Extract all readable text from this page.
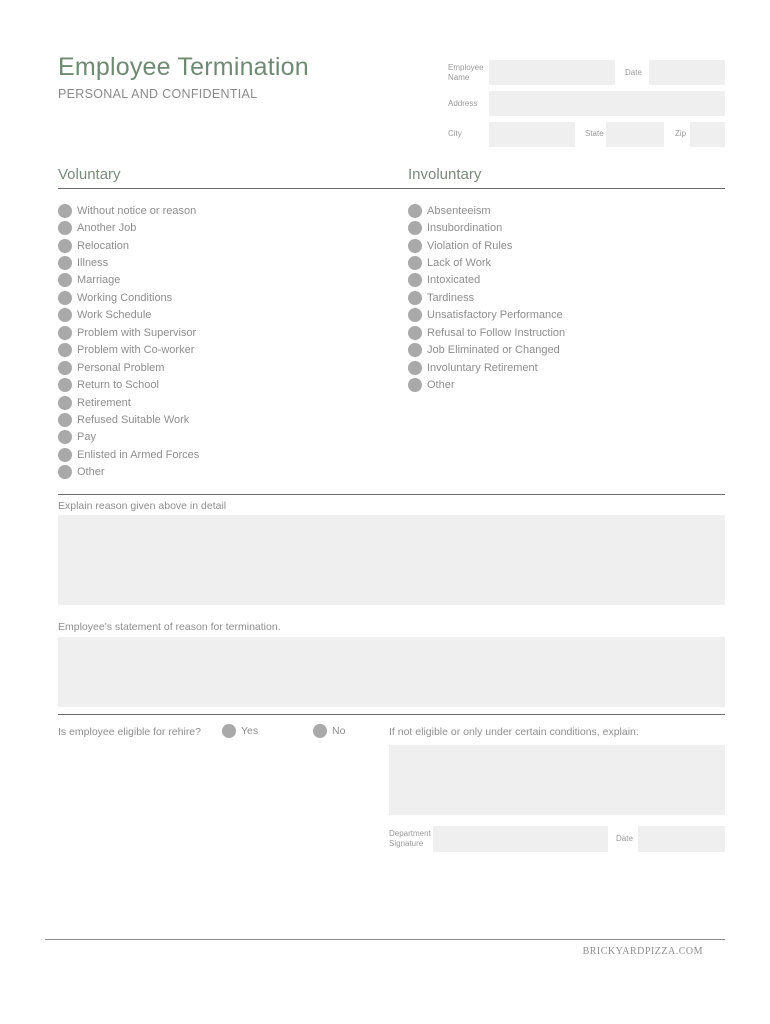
Employee Termination
PERSONAL AND CONFIDENTIAL
Employee
Name
Date
Address
City	State	Zip
Voluntary	Involuntary
Without notice or reason
Another Job
Relocation
Illness
Marriage
Working Conditions
Work Schedule
Problem with Supervisor
Problem with Co-worker
Personal Problem
Return to School
Retirement
Refused Suitable Work
Pay
Enlisted in Armed Forces
Other
Absenteeism
Insubordination
Violation of Rules
Lack of Work
Intoxicated
Tardiness
Unsatisfactory Performance
Refusal to Follow Instruction
Job Eliminated or Changed
Involuntary Retirement
Other
Explain reason given above in detail
Employee's statement of reason for termination.
Is employee eligible for rehire?	Yes	No	If not eligible or only under certain conditions, explain:
Department
Signature
Date
BRICKYARDPIZZA.COM
